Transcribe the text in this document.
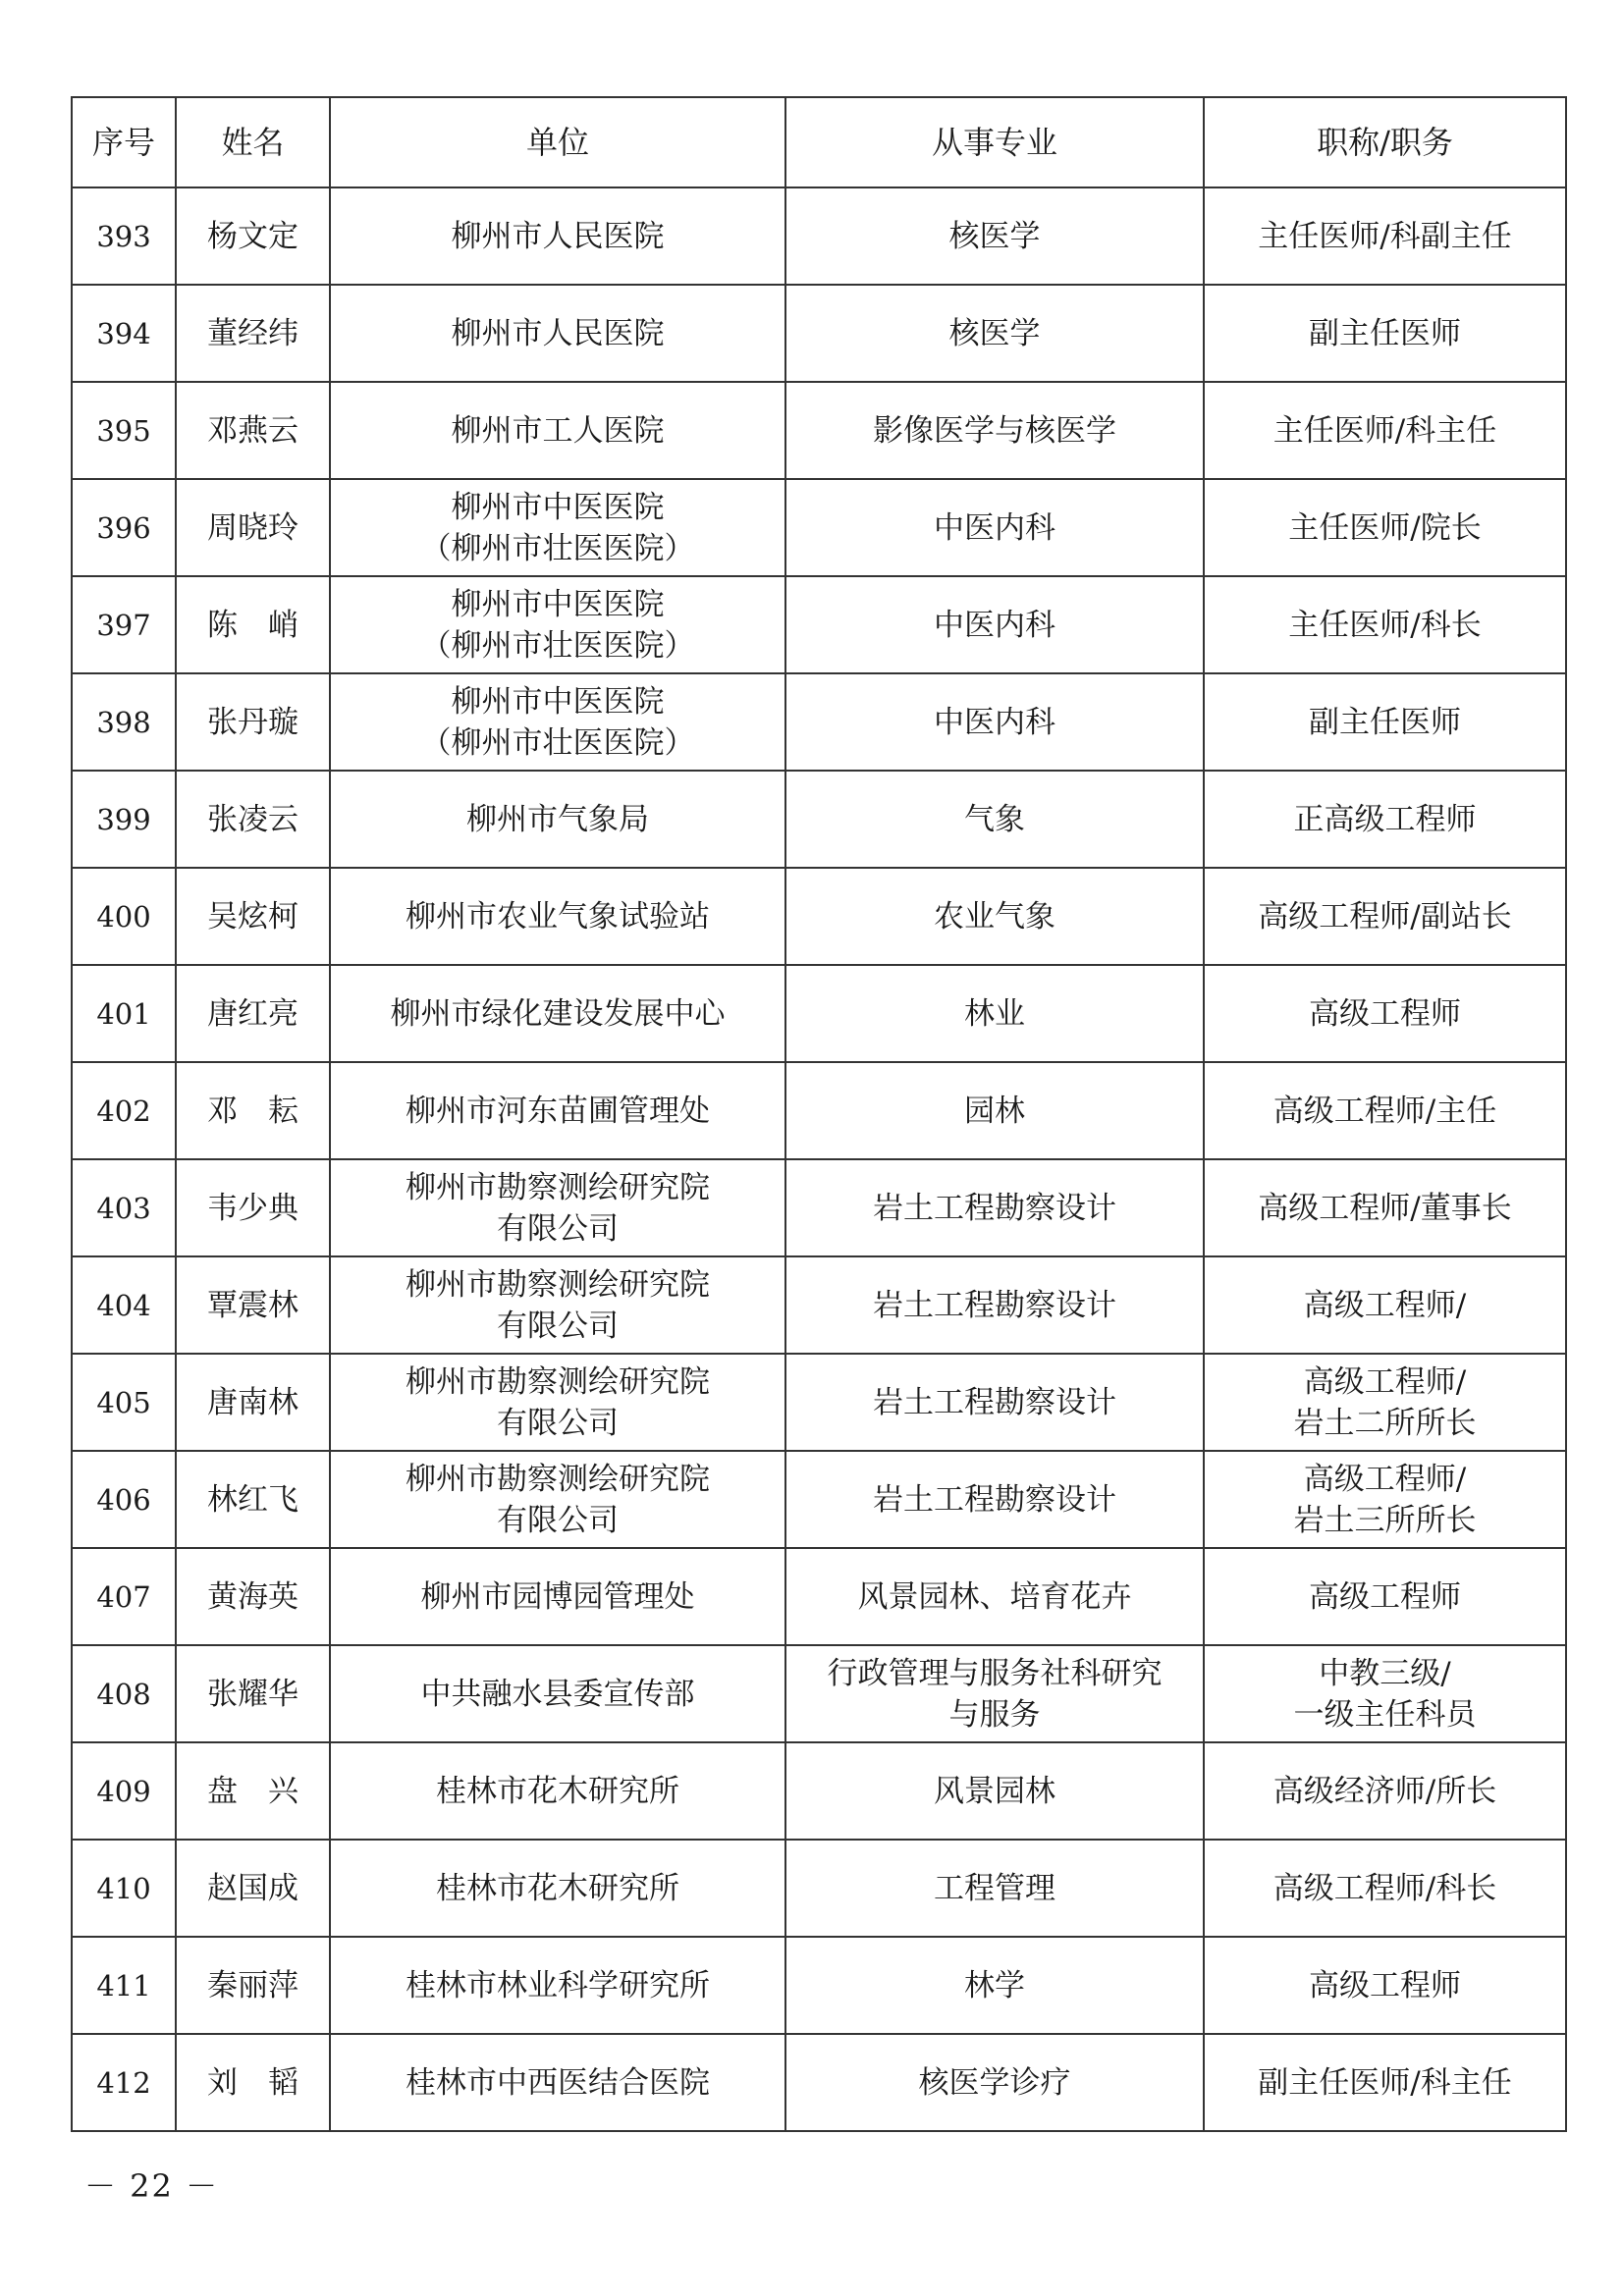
序号	姓名	单位	从事专业	职称/职务
393	杨文定	柳州市人民医院	核医学	主任医师/科副主任

394	董经纬	柳州市人民医院	核医学	副主任医师

395	邓燕云	柳州市工人医院	影像医学与核医学	主任医师/科主任

396	周晓玲	柳州市中医医院
（柳州市壮医医院）	中医内科	主任医师/院长

397	陈　峭	柳州市中医医院
（柳州市壮医医院）	中医内科	主任医师/科长

398	张丹璇	柳州市中医医院
（柳州市壮医医院）	中医内科	副主任医师

399	张凌云	柳州市气象局	气象	正高级工程师

400	吴炫柯	柳州市农业气象试验站	农业气象	高级工程师/副站长

401	唐红亮	柳州市绿化建设发展中心	林业	高级工程师

402	邓　耘	柳州市河东苗圃管理处	园林	高级工程师/主任

403	韦少典	柳州市勘察测绘研究院
有限公司	岩土工程勘察设计	高级工程师/董事长

404	覃震林	柳州市勘察测绘研究院
有限公司	岩土工程勘察设计	高级工程师/

405	唐南林	柳州市勘察测绘研究院
有限公司	岩土工程勘察设计	高级工程师/
岩土二所所长

406	林红飞	柳州市勘察测绘研究院
有限公司	岩土工程勘察设计	高级工程师/
岩土三所所长

407	黄海英	柳州市园博园管理处	风景园林、培育花卉	高级工程师

408	张耀华	中共融水县委宣传部	行政管理与服务社科研究
与服务	中教三级/
一级主任科员

409	盘　兴	桂林市花木研究所	风景园林	高级经济师/所长

410	赵国成	桂林市花木研究所	工程管理	高级工程师/科长

411	秦丽萍	桂林市林业科学研究所	林学	高级工程师

412	刘　韬	桂林市中西医结合医院	核医学诊疗	副主任医师/科主任
－ 22 －
